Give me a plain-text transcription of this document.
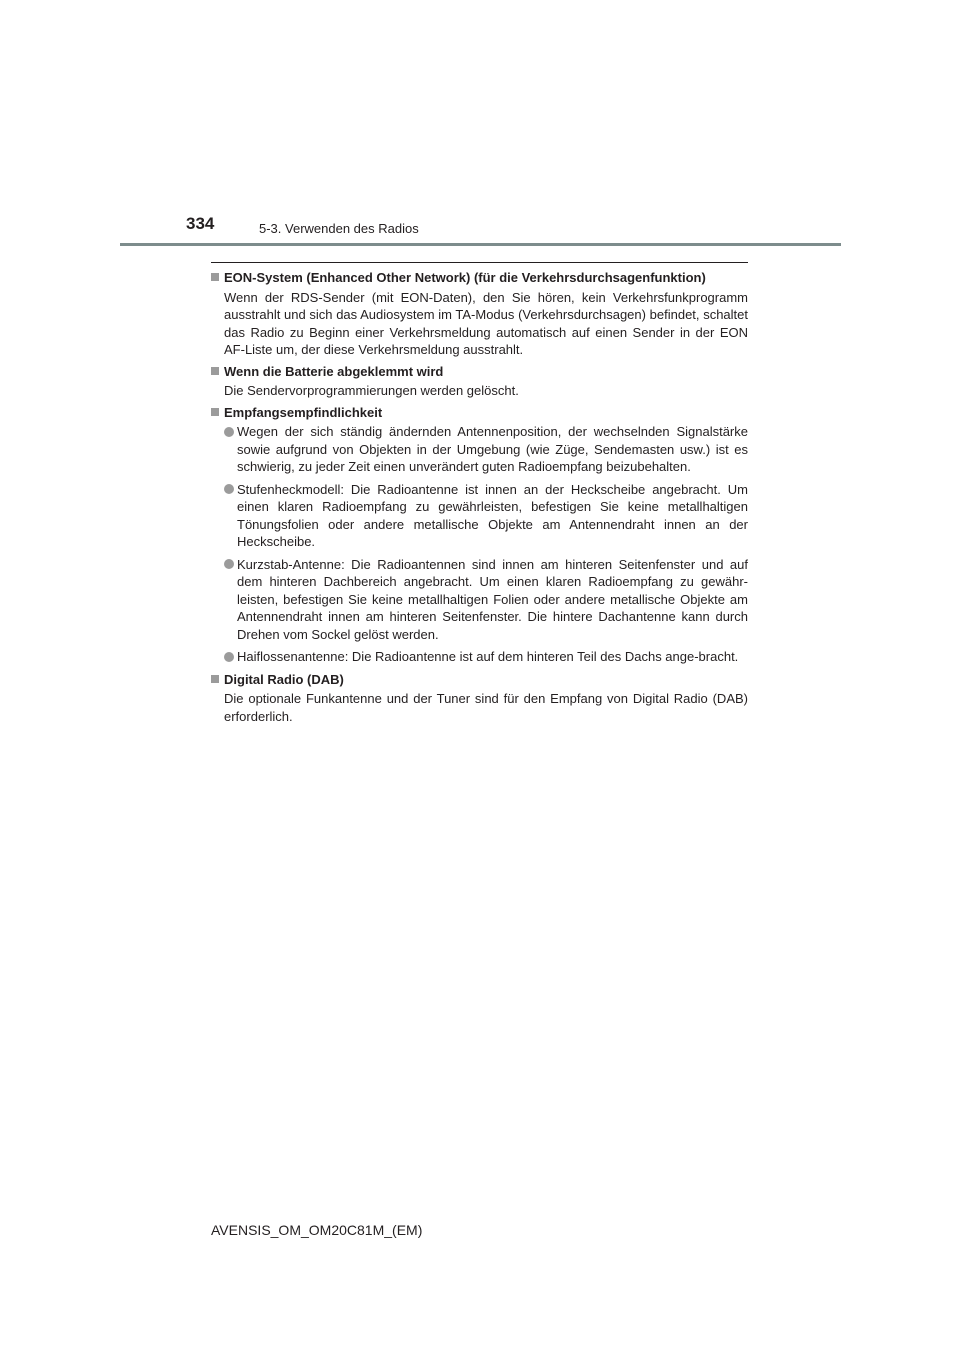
334	5-3. Verwenden des Radios
EON-System (Enhanced Other Network) (für die Verkehrsdurchsagenfunktion)

Wenn der RDS-Sender (mit EON-Daten), den Sie hören, kein Verkehrsfunkprogramm ausstrahlt und sich das Audiosystem im TA-Modus (Verkehrsdurchsagen) befindet, schaltet das Radio zu Beginn einer Verkehrsmeldung automatisch auf einen Sender in der EON AF-Liste um, der diese Verkehrsmeldung ausstrahlt.

Wenn die Batterie abgeklemmt wird

Die Sendervorprogrammierungen werden gelöscht.

Empfangsempfindlichkeit
Wegen der sich ständig ändernden Antennenposition, der wechselnden Signalstärke sowie aufgrund von Objekten in der Umgebung (wie Züge, Sendemasten usw.) ist es schwierig, zu jeder Zeit einen unverändert guten Radioempfang beizubehalten.
Stufenheckmodell: Die Radioantenne ist innen an der Heckscheibe angebracht. Um einen klaren Radioempfang zu gewährleisten, befestigen Sie keine metallhaltigen Tönungsfolien oder andere metallische Objekte am Antennendraht innen an der Heckscheibe.
Kurzstab-Antenne: Die Radioantennen sind innen am hinteren Seitenfenster und auf dem hinteren Dachbereich angebracht. Um einen klaren Radioempfang zu gewähr-leisten, befestigen Sie keine metallhaltigen Folien oder andere metallische Objekte am Antennendraht innen am hinteren Seitenfenster. Die hintere Dachantenne kann durch Drehen vom Sockel gelöst werden.
Haiflossenantenne: Die Radioantenne ist auf dem hinteren Teil des Dachs ange-bracht.
Digital Radio (DAB)

Die optionale Funkantenne und der Tuner sind für den Empfang von Digital Radio (DAB) erforderlich.

AVENSIS_OM_OM20C81M_(EM)
